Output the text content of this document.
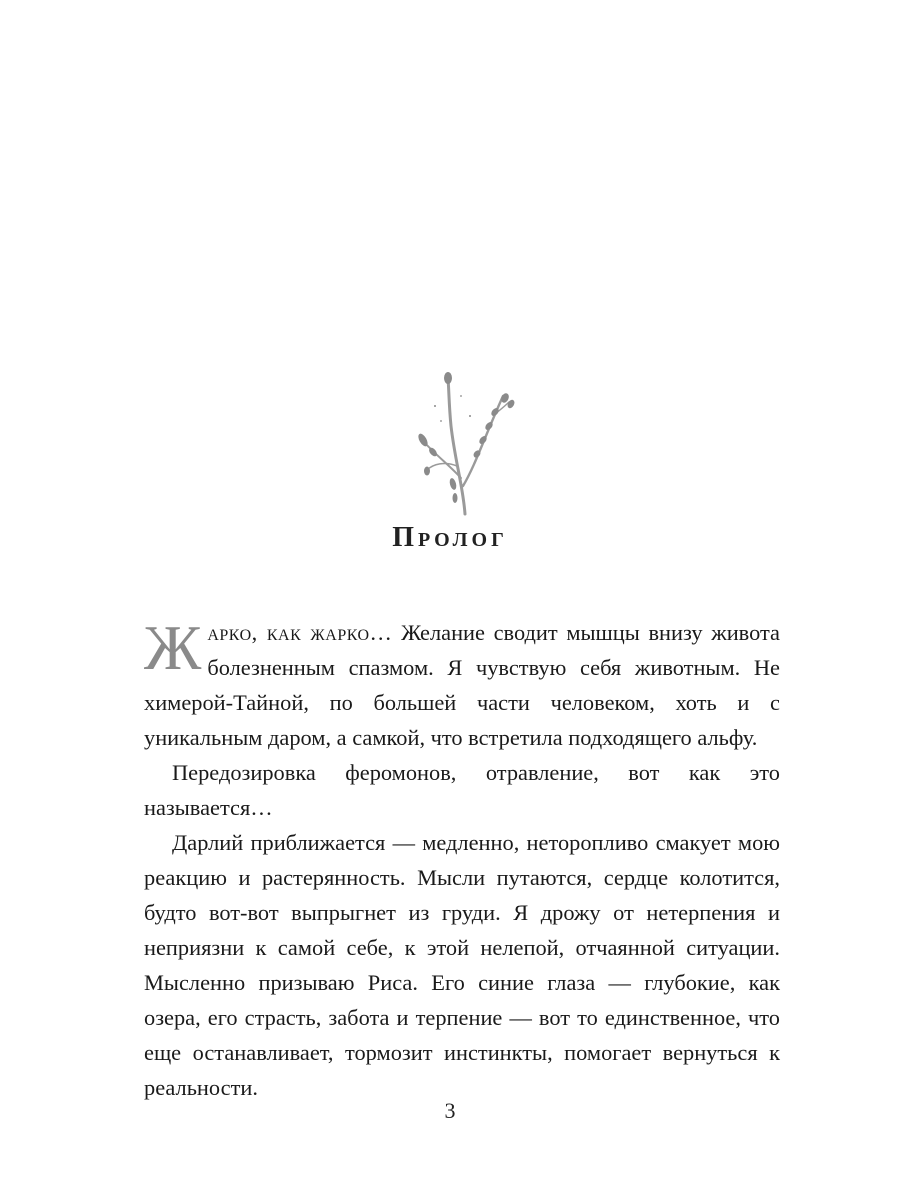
Пролог

Жарко, как жарко… Желание сводит мышцы внизу живота болезненным спазмом. Я чувствую себя животным. Не химерой-Тайной, по большей части человеком, хоть и с уникальным даром, а самкой, что встретила подходящего альфу.

Передозировка феромонов, отравление, вот как это называется…

Дарлий приближается — медленно, неторопливо смакует мою реакцию и растерянность. Мысли путаются, сердце колотится, будто вот-вот выпрыгнет из груди. Я дрожу от нетерпения и неприязни к самой себе, к этой нелепой, отчаянной ситуации. Мысленно призываю Риса. Его синие глаза — глубокие, как озера, его страсть, забота и терпение — вот то единственное, что еще останавливает, тормозит инстинкты, помогает вернуться к реальности.

3
